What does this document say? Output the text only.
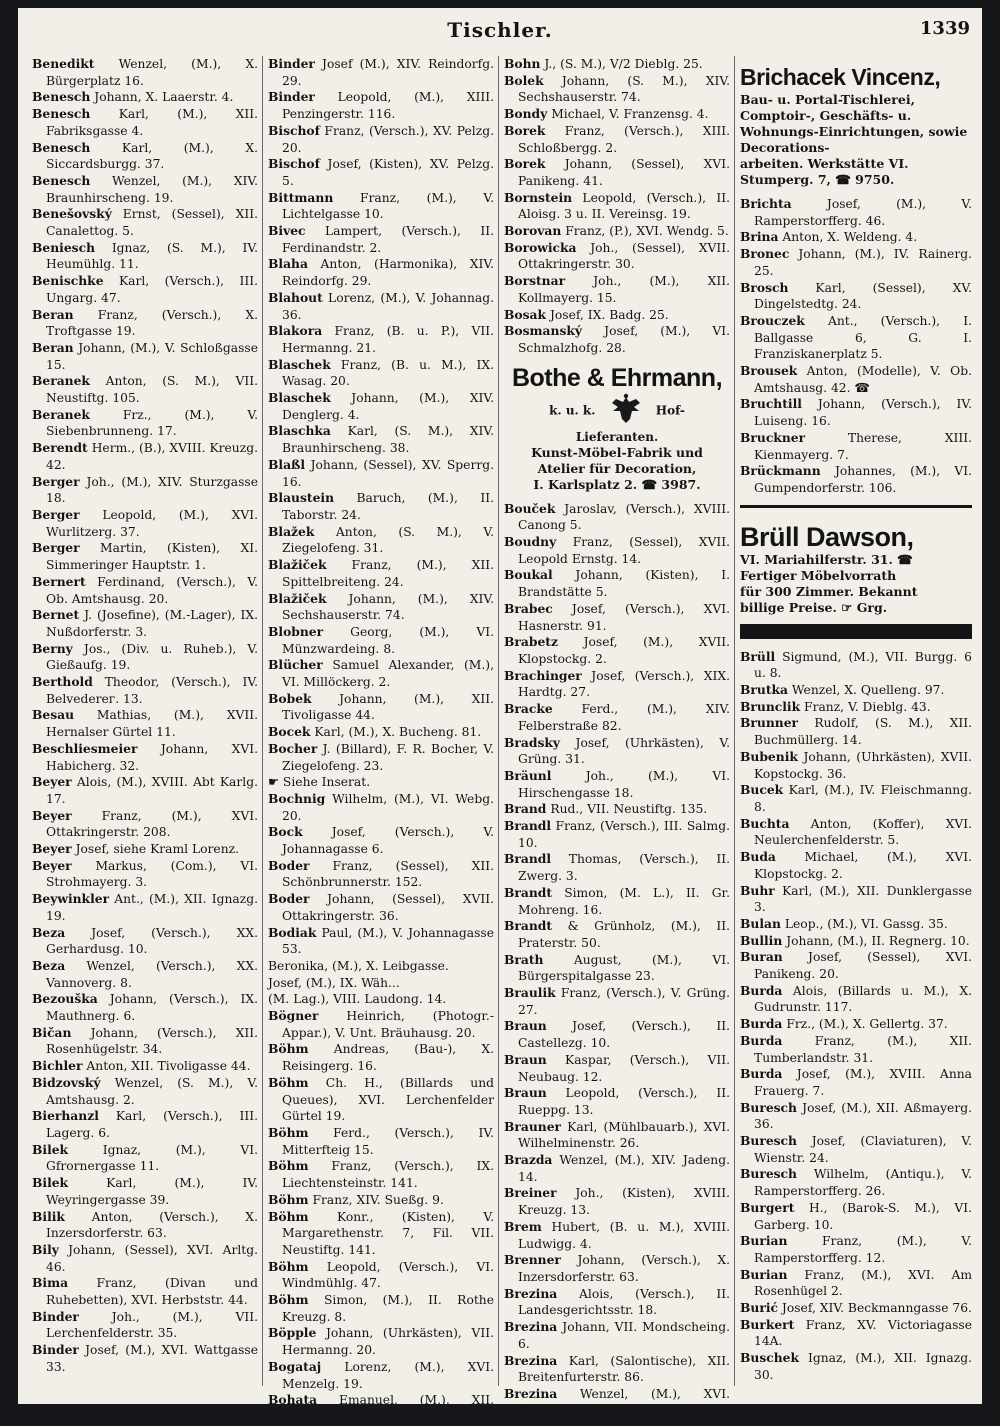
Tischler.	1339
Benedikt Wenzel, (M.), X. Bürgerplatz 16.
Benesch Johann, X. Laaerstr. 4.
Benesch Karl, (M.), XII. Fabriksgasse 4.
Benesch	Karl, (M.), X. Siccardsburgg. 37.
Benesch Wenzel, (M.), XIV. Braunhirscheng. 19.
Benešovský Ernst, (Sessel), XII. Canalettog. 5.
Beniesch Ignaz, (S. M.), IV. Heumühlg. 11.
Benischke Karl, (Versch.), III. Ungarg. 47.
Beran Franz, (Versch.), X. Troftgasse 19.
Beran Johann, (M.), V. Schloßgasse 15.
Beranek Anton, (S. M.), VII. Neustiftg. 105.
Beranek	Frz., (M.), V. Siebenbrunneng. 17.
Berendt Herm., (B.), XVIII. Kreuzg. 42.
Berger Joh., (M.), XIV. Sturzgasse 18.
Berger Leopold, (M.), XVI. Wurlitzerg. 37.
Berger Martin, (Kisten), XI. Simmeringer Hauptstr. 1.
Bernert Ferdinand, (Versch.), V. Ob. Amtshausg. 20.
Bernet J. (Josefine), (M.-Lager), IX. Nußdorferstr. 3.
Berny Jos., (Div. u. Ruheb.), V. Gießaufg. 19.
Berthold Theodor, (Versch.), IV. Belvederег. 13.
Besau Mathias, (M.), XVII. Hernalser Gürtel 11.
Beschliesmeier Johann, XVI. Habicherg. 32.
Beyer Alois, (M.), XVIII. Abt Karlg. 17.
Beyer Franz, (M.), XVI. Ottakringerstr. 208.
Beyer Josef, siehe Kraml Lorenz.
Beyer Markus, (Com.), VI. Strohmayerg. 3.
Beywinkler Ant., (M.), XII. Ignazg. 19.
Beza Josef, (Versch.), XX. Gerhardusg. 10.
Beza Wenzel, (Versch.), XX. Vannoverg. 8.
Bezouška Johann, (Versch.), IX. Mauthnerg. 6.
Bičan Johann, (Versch.), XII. Rosenhügelstr. 34.
Bichler Anton, XII. Tivoligasse 44.
Bidzovský Wenzel, (S. M.), V. Amtshausg. 2.
Bierhanzl Karl, (Versch.), III. Lagerg. 6.
Bilek	Ignaz, (M.), VI. Gfrornergasse 11.
Bilek	Karl, (M.), IV. Weyringergasse 39.
Bilik Anton, (Versch.), X. Inzersdorferstr. 63.
Bily Johann, (Sessel), XVI. Arltg. 46.
Bima Franz, (Divan und Ruhebetten), XVI. Herbststr. 44.
Binder	Joh., (M.), VII. Lerchenfelderstr. 35.
Binder Josef, (M.), XVI. Wattgasse 33.
Binder Josef (M.), XIV. Reindorfg. 29.
Binder Leopold, (M.), XIII. Penzingerstr. 116.
Bischof Franz, (Versch.), XV. Pelzg. 20.
Bischof Josef, (Kisten), XV. Pelzg. 5.
Bittmann Franz, (M.), V. Lichtelgasse 10.
Bivec Lampert, (Versch.), II. Ferdinandstr. 2.
Blaha Anton, (Harmonika), XIV. Reindorfg. 29.
Blahout Lorenz, (M.), V. Johannag. 36.
Blakora Franz, (B. u. P.), VII. Hermanng. 21.
Blaschek Franz, (B. u. M.), IX. Wasag. 20.
Blaschek Johann, (M.), XIV. Denglerg. 4.
Blaschka Karl, (S. M.), XIV. Braunhirscheng. 38.
Blaßl Johann, (Sessel), XV. Sperrg. 16.
Blaustein Baruch, (M.), II. Taborstr. 24.
Blažek Anton, (S. M.), V. Ziegelofeng. 31.
Blažiček Franz, (M.), XII. Spittelbreiteng. 24.
Blažiček Johann, (M.), XIV. Sechshauserstr. 74.
Blobner Georg, (M.), VI. Münzwardeing. 8.
Blücher Samuel Alexander, (M.), VI. Millöckerg. 2.
Bobek Johann, (M.), XII. Tivoligasse 44.
Bocek Karl, (M.), X. Bucheng. 81.
Bocher J. (Billard), F. R. Bocher, V. Ziegelofeng. 23.
☛ Siehe Inserat.
Bochnig Wilhelm, (M.), VI. Webg. 20.
Bock Josef, (Versch.), V. Johannagasse 6.
Boder Franz, (Sessel), XII. Schönbrunnerstr. 152.
Boder Johann, (Sessel), XVII. Ottakringerstr. 36.
Bodiak Paul, (M.), V. Johannagasse 53.
Beronika, (M.), X. Leibgasse.
Josef, (M.), IX. Wäh...
(M. Lag.), VIII. Laudong. 14.
Bögner Heinrich, (Photogr.-Appar.), V. Unt. Bräuhausg. 20.
Böhm Andreas, (Bau-), X. Reisingerg. 16.
Böhm Ch. H., (Billards und Queues), XVI. Lerchenfelder Gürtel 19.
Böhm Ferd., (Versch.), IV. Mitterfteig 15.
Böhm Franz, (Versch.), IX. Liechtensteinstr. 141.
Böhm Franz, XIV. Sueßg. 9.
Böhm Konr., (Kisten), V. Margarethenstr. 7, Fil. VII. Neustiftg. 141.
Böhm Leopold, (Versch.), VI. Windmühlg. 47.
Böhm Simon, (M.), II. Rothe Kreuzg. 8.
Böpple Johann, (Uhrkästen), VII. Hermanng. 20.
Bogataj Lorenz, (M.), XVI. Menzelg. 19.
Bohata Emanuel, (M.), XII. Meidlinger Hauptstr. 12.
Bohn J., (S. M.), V/2 Dieblg. 25.
Bolek Johann, (S. M.), XIV. Sechshauserstr. 74.
Bondy Michael, V. Franzensg. 4.
Borek Franz, (Versch.), XIII. Schloßbergg. 2.
Borek Johann, (Sessel), XVI. Panikeng. 41.
Bornstein Leopold, (Versch.), II. Aloisg. 3 u. II. Vereinsg. 19.
Borovan Franz, (P.), XVI. Wendg. 5.
Borowicka Joh., (Sessel), XVII. Ottakringerstr. 30.
Borstnar Joh., (M.), XII. Kollmayerg. 15.
Bosak Josef, IX. Badg. 25.
Bosmanský Josef, (M.), VI. Schmalzhofg. 28.
Bothe & Ehrmann,
k. u. k.	Hof-
Lieferanten.
Kunst-Möbel-Fabrik und
Atelier für Decoration,
I. Karlsplatz 2. ☎ 3987.
Bouček Jaroslav, (Versch.), XVIII. Canong 5.
Boudny Franz, (Sessel), XVII. Leopold Ernstg. 14.
Boukal Johann, (Kisten), I. Brandstätte 5.
Brabec Josef, (Versch.), XVI. Hasnerstr. 91.
Brabetz Josef, (M.), XVII. Klopstockg. 2.
Brachinger Josef, (Versch.), XIX. Hardtg. 27.
Bracke Ferd., (M.), XIV. Felberstraße 82.
Bradsky Josef, (Uhrkästen), V. Grüng. 31.
Bräunl	Joh., (M.), VI. Hirschengasse 18.
Brand Rud., VII. Neustiftg. 135.
Brandl Franz, (Versch.), III. Salmg. 10.
Brandl Thomas, (Versch.), II. Zwerg. 3.
Brandt Simon, (M. L.), II. Gr. Mohreng. 16.
Brandt & Grünholz, (M.), II. Praterstr. 50.
Brath August, (M.), VI. Bürgerspitalgasse 23.
Braulik Franz, (Versch.), V. Grüng. 27.
Braun Josef, (Versch.), II. Castellezg. 10.
Braun Kaspar, (Versch.), VII. Neubaug. 12.
Braun Leopold, (Versch.), II. Rueppg. 13.
Brauner Karl, (Mühlbauarb.), XVI. Wilhelminenstr. 26.
Brazda Wenzel, (M.), XIV. Jadeng. 14.
Breiner Joh., (Kisten), XVIII. Kreuzg. 13.
Brem Hubert, (B. u. M.), XVIII. Ludwigg. 4.
Brenner Johann, (Versch.), X. Inzersdorferstr. 63.
Brezina Alois, (Versch.), II. Landesgerichtsstr. 18.
Brezina Johann, VII. Mondscheing. 6.
Brezina Karl, (Salontische), XII. Breitenfurterstr. 86.
Brezina Wenzel, (M.), XVI. Deinhardsteing. 6.
Brichacek Vincenz,
Bau- u. Portal-Tischlerei,
Comptoir-, Geschäfts- u.
Wohnungs-Einrichtungen, sowie Decorations-
arbeiten. Werkstätte VI.
Stumperg. 7, ☎ 9750.
Brichta	Josef, (M.), V. Ramperstorfferg. 46.
Brina Anton, X. Weldeng. 4.
Bronec Johann, (M.), IV. Rainerg. 25.
Brosch Karl, (Sessel), XV. Dingelstedtg. 24.
Brouczek Ant., (Versch.), I. Ballgasse 6, G. I. Franziskanerplatz 5.
Brousek Anton, (Modelle), V. Ob. Amtshausg. 42. ☎
Bruchtill Johann, (Versch.), IV. Luiseng. 16.
Bruckner	Therese, XIII. Kienmayerg. 7.
Brückmann Johannes, (M.), VI. Gumpendorferstr. 106.
Brüll Dawson,
VI. Mariahilferstr. 31. ☎
Fertiger Möbelvorrath
für 300 Zimmer. Bekannt
billige Preise. ☞ Grg.
Brüll Sigmund, (M.), VII. Burgg. 6 u. 8.
Brutka Wenzel, X. Quelleng. 97.
Brunclik Franz, V. Dieblg. 43.
Brunner Rudolf, (S. M.), XII. Buchmüllerg. 14.
Bubenik Johann, (Uhrkästen), XVII. Kopstockg. 36.
Bucek Karl, (M.), IV. Fleischmanng. 8.
Buchta Anton, (Koffer), XVI. Neulerchenfelderstr. 5.
Buda Michael, (M.), XVI. Klopstockg. 2.
Buhr Karl, (M.), XII. Dunklergasse 3.
Bulan Leop., (M.), VI. Gassg. 35.
Bullin Johann, (M.), II. Regnerg. 10.
Buran Josef, (Sessel), XVI. Panikeng. 20.
Burda Alois, (Billards u. M.), X. Gudrunstr. 117.
Burda Frz., (M.), X. Gellertg. 37.
Burda	Franz, (M.), XII. Tumberlandstr. 31.
Burda Josef, (M.), XVIII. Anna Frauerg. 7.
Buresch Josef, (M.), XII. Aßmayerg. 36.
Buresch Josef, (Claviaturen), V. Wienstr. 24.
Buresch Wilhelm, (Antiqu.), V. Ramperstorfferg. 26.
Burgert H., (Barok-S. M.), VI. Garberg. 10.
Burian	Franz, (M.), V. Ramperstorfferg. 12.
Burian Franz, (M.), XVI. Am Rosenhügel 2.
Burić Josef, XIV. Beckmanngasse 76.
Burkert Franz, XV. Victoriagasse 14A.
Buschek Ignaz, (M.), XII. Ignazg. 30.
